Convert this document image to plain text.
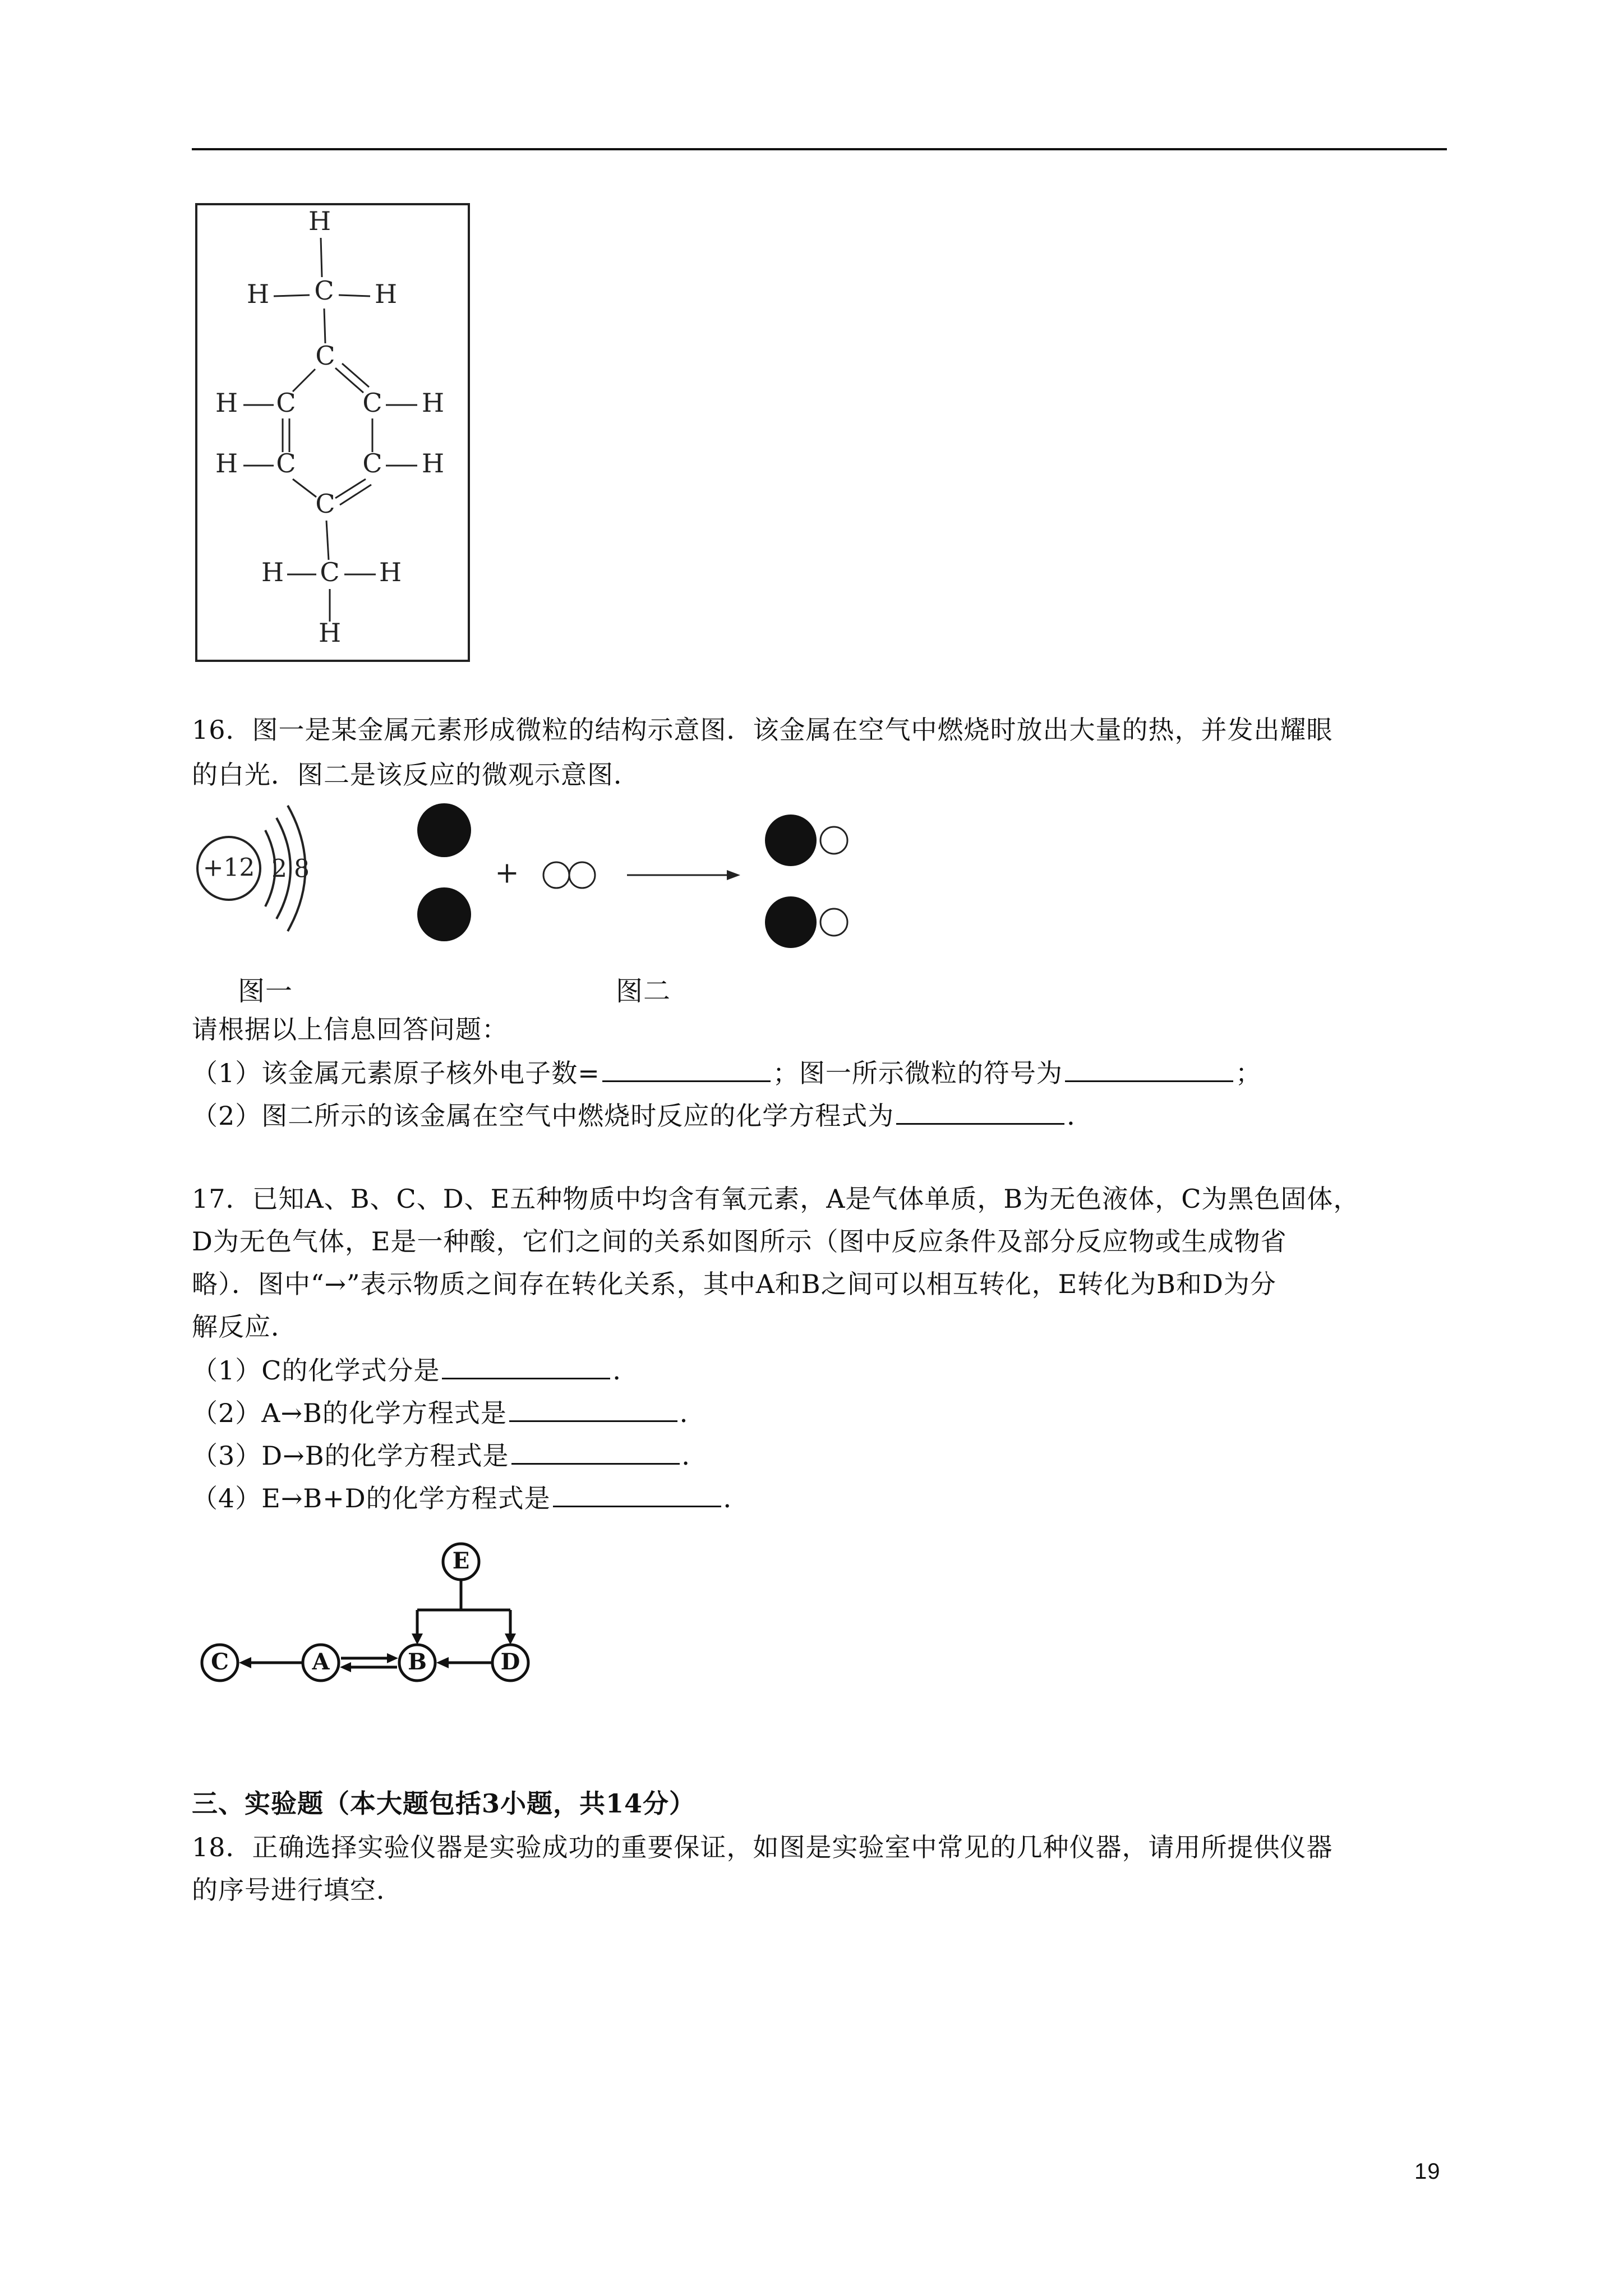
H
H C H
C
H C	C H
H C	C H
C
H C H
H
16．图一是某金属元素形成微粒的结构示意图．该金属在空气中燃烧时放出大量的热，并发出耀眼
的白光．图二是该反应的微观示意图．
+12 2 8	+
图一	图二
请根据以上信息回答问题：
（1）该金属元素原子核外电子数=	；图一所示微粒的符号为	；
（2）图二所示的该金属在空气中燃烧时反应的化学方程式为	．
17．已知A、B、C、D、E五种物质中均含有氧元素，A是气体单质，B为无色液体，C为黑色固体，
D为无色气体，E是一种酸，它们之间的关系如图所示（图中反应条件及部分反应物或生成物省
略）．图中“→”表示物质之间存在转化关系，其中A和B之间可以相互转化，E转化为B和D为分
解反应．
（1）C的化学式分是	．
（2）A→B的化学方程式是	．
（3）D→B的化学方程式是	．
（4）E→B+D的化学方程式是	．
E
C	A	B	D
三、实验题（本大题包括3小题，共14分）
18．正确选择实验仪器是实验成功的重要保证，如图是实验室中常见的几种仪器，请用所提供仪器
的序号进行填空．
19
